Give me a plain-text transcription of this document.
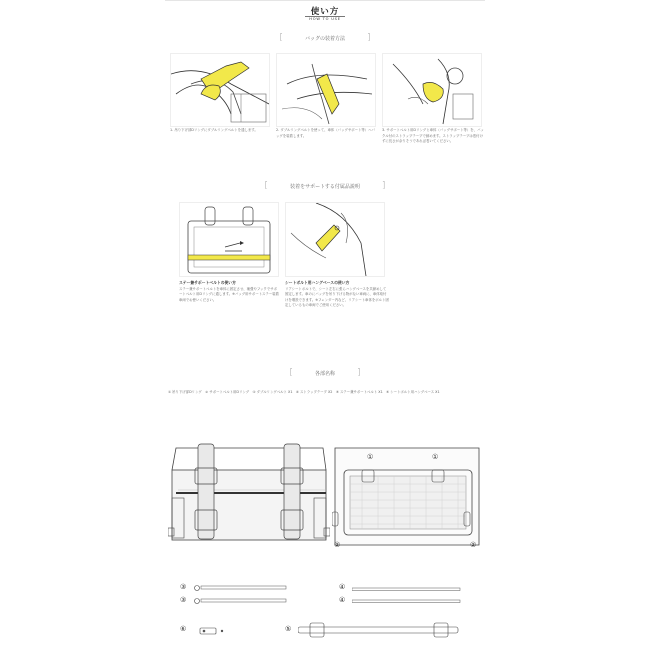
使い方
HOW TO USE
[	バッグの装着方法	]
1. 吊り下げ部Dリングにダブルリングベルトを通します。	2. ダブルリングベルトを使って、車体（バッグサポート等）へバッグを装着します。
3. サポートベルト用Dリングと車体（バッグサポート等）を、バックル付のストラップテープで締めます。ストラップテープは巻付けずに長さが余りそうであれば巻いてください。
[	装着をサポートする付属品説明	]
ステー兼サポートベルトの使い方
ステー兼サポートベルトを車体に固定させ、補強やフックでサポートベルト用Dリングに通します。※バッグ用サポートステー装着車両でお使いください。
シートボルト用ハングベースの使い方
リアシートボルトで、シート左右に張らハングベースを共締めして固定します。車のにバッグを吊り下げる物がない車両に、車体取付けを増設できます。※フェンダー内など、リアシート車体をボルト固定しているもの車両でご使用ください。
[	各部名称	]
① 吊り下げ部Dリング　② サポートベルト用Dリング　③ ダブルリングベルト X1　④ ストラップテープ X2　⑤ ステー兼サポートベルト X1　⑥ シートボルト用ハングベース X1
①	①
②	②
③
③
④
④
⑥	⑤
